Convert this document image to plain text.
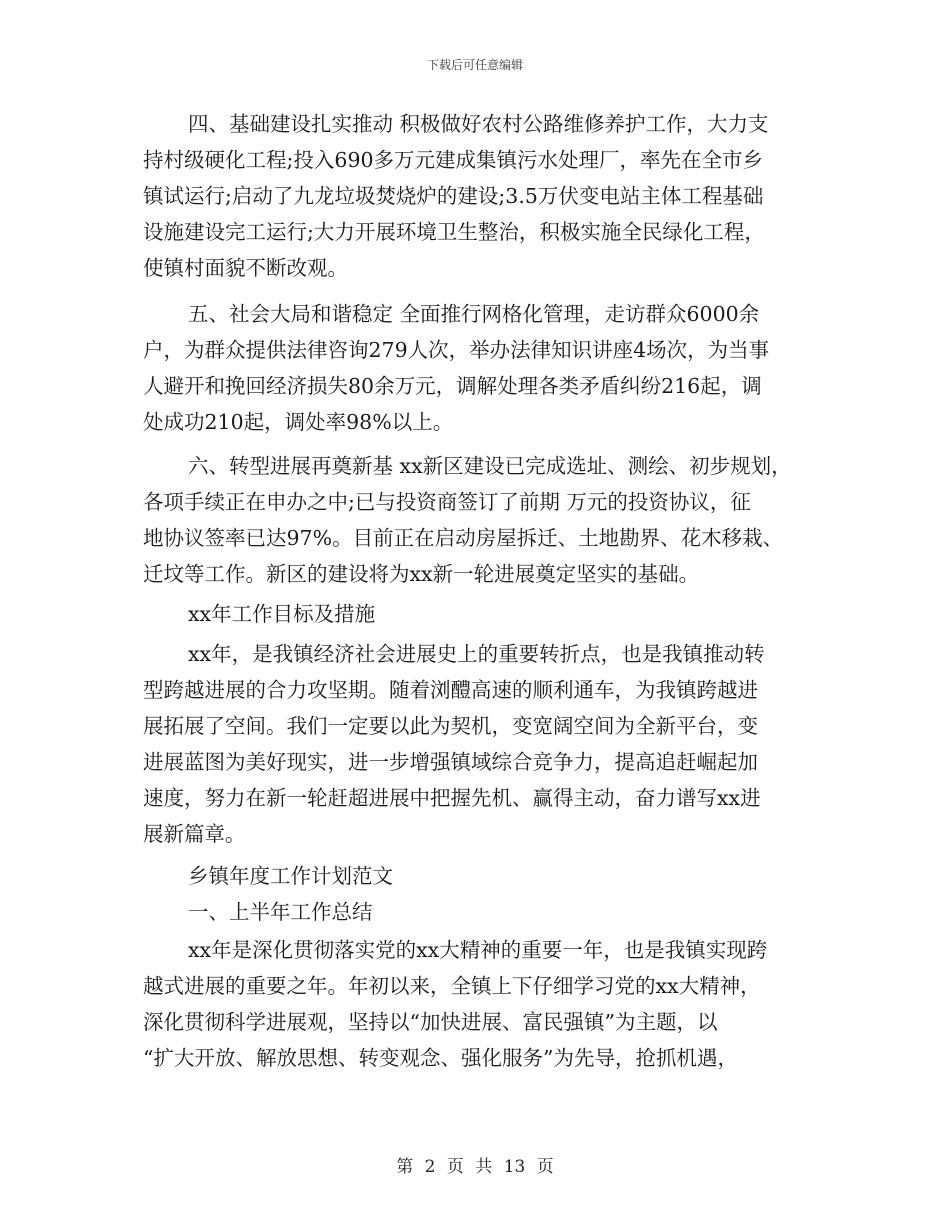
下载后可任意编辑
四、基础建设扎实推动 积极做好农村公路维修养护工作，大力支
持村级硬化工程;投入690多万元建成集镇污水处理厂，率先在全市乡
镇试运行;启动了九龙垃圾焚烧炉的建设;3.5万伏变电站主体工程基础
设施建设完工运行;大力开展环境卫生整治，积极实施全民绿化工程，
使镇村面貌不断改观。
五、社会大局和谐稳定 全面推行网格化管理，走访群众6000余
户，为群众提供法律咨询279人次，举办法律知识讲座4场次，为当事
人避开和挽回经济损失80余万元，调解处理各类矛盾纠纷216起，调
处成功210起，调处率98%以上。
六、转型进展再奠新基 xx新区建设已完成选址、测绘、初步规划，
各项手续正在申办之中;已与投资商签订了前期 万元的投资协议，征
地协议签率已达97%。目前正在启动房屋拆迁、土地勘界、花木移栽、
迁坟等工作。新区的建设将为xx新一轮进展奠定坚实的基础。
xx年工作目标及措施
xx年，是我镇经济社会进展史上的重要转折点，也是我镇推动转
型跨越进展的合力攻坚期。随着浏醴高速的顺利通车，为我镇跨越进
展拓展了空间。我们一定要以此为契机，变宽阔空间为全新平台，变
进展蓝图为美好现实，进一步增强镇域综合竞争力，提高追赶崛起加
速度，努力在新一轮赶超进展中把握先机、赢得主动，奋力谱写xx进
展新篇章。
乡镇年度工作计划范文
一、上半年工作总结
xx年是深化贯彻落实党的xx大精神的重要一年，也是我镇实现跨
越式进展的重要之年。年初以来，全镇上下仔细学习党的xx大精神，
深化贯彻科学进展观，坚持以“加快进展、富民强镇”为主题，以
“扩大开放、解放思想、转变观念、强化服务”为先导，抢抓机遇，
第 2 页 共 13 页
